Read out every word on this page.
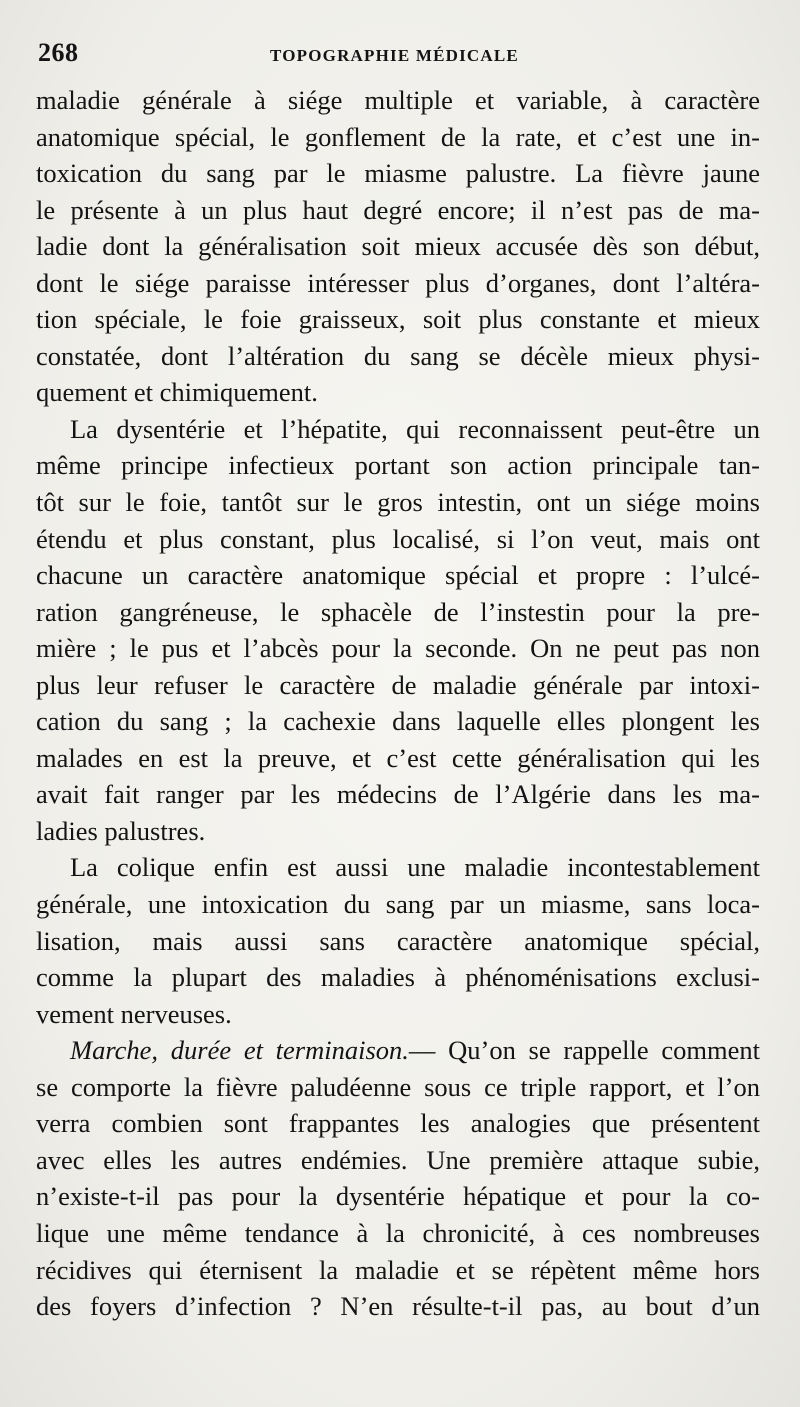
268	TOPOGRAPHIE MÉDICALE
maladie générale à siége multiple et variable, à caractère
anatomique spécial, le gonflement de la rate, et c’est une in-
toxication du sang par le miasme palustre. La fièvre jaune
le présente à un plus haut degré encore; il n’est pas de ma-
ladie dont la généralisation soit mieux accusée dès son début,
dont le siége paraisse intéresser plus d’organes, dont l’altéra-
tion spéciale, le foie graisseux, soit plus constante et mieux
constatée, dont l’altération du sang se décèle mieux physi-
quement et chimiquement.
La dysentérie et l’hépatite, qui reconnaissent peut-être un
même principe infectieux portant son action principale tan-
tôt sur le foie, tantôt sur le gros intestin, ont un siége moins
étendu et plus constant, plus localisé, si l’on veut, mais ont
chacune un caractère anatomique spécial et propre : l’ulcé-
ration gangréneuse, le sphacèle de l’instestin pour la pre-
mière ; le pus et l’abcès pour la seconde. On ne peut pas non
plus leur refuser le caractère de maladie générale par intoxi-
cation du sang ; la cachexie dans laquelle elles plongent les
malades en est la preuve, et c’est cette généralisation qui les
avait fait ranger par les médecins de l’Algérie dans les ma-
ladies palustres.
La colique enfin est aussi une maladie incontestablement
générale, une intoxication du sang par un miasme, sans loca-
lisation, mais aussi sans caractère anatomique spécial,
comme la plupart des maladies à phénoménisations exclusi-
vement nerveuses.
Marche, durée et terminaison.— Qu’on se rappelle comment
se comporte la fièvre paludéenne sous ce triple rapport, et l’on
verra combien sont frappantes les analogies que présentent
avec elles les autres endémies. Une première attaque subie,
n’existe-t-il pas pour la dysentérie hépatique et pour la co-
lique une même tendance à la chronicité, à ces nombreuses
récidives qui éternisent la maladie et se répètent même hors
des foyers d’infection ? N’en résulte-t-il pas, au bout d’un
